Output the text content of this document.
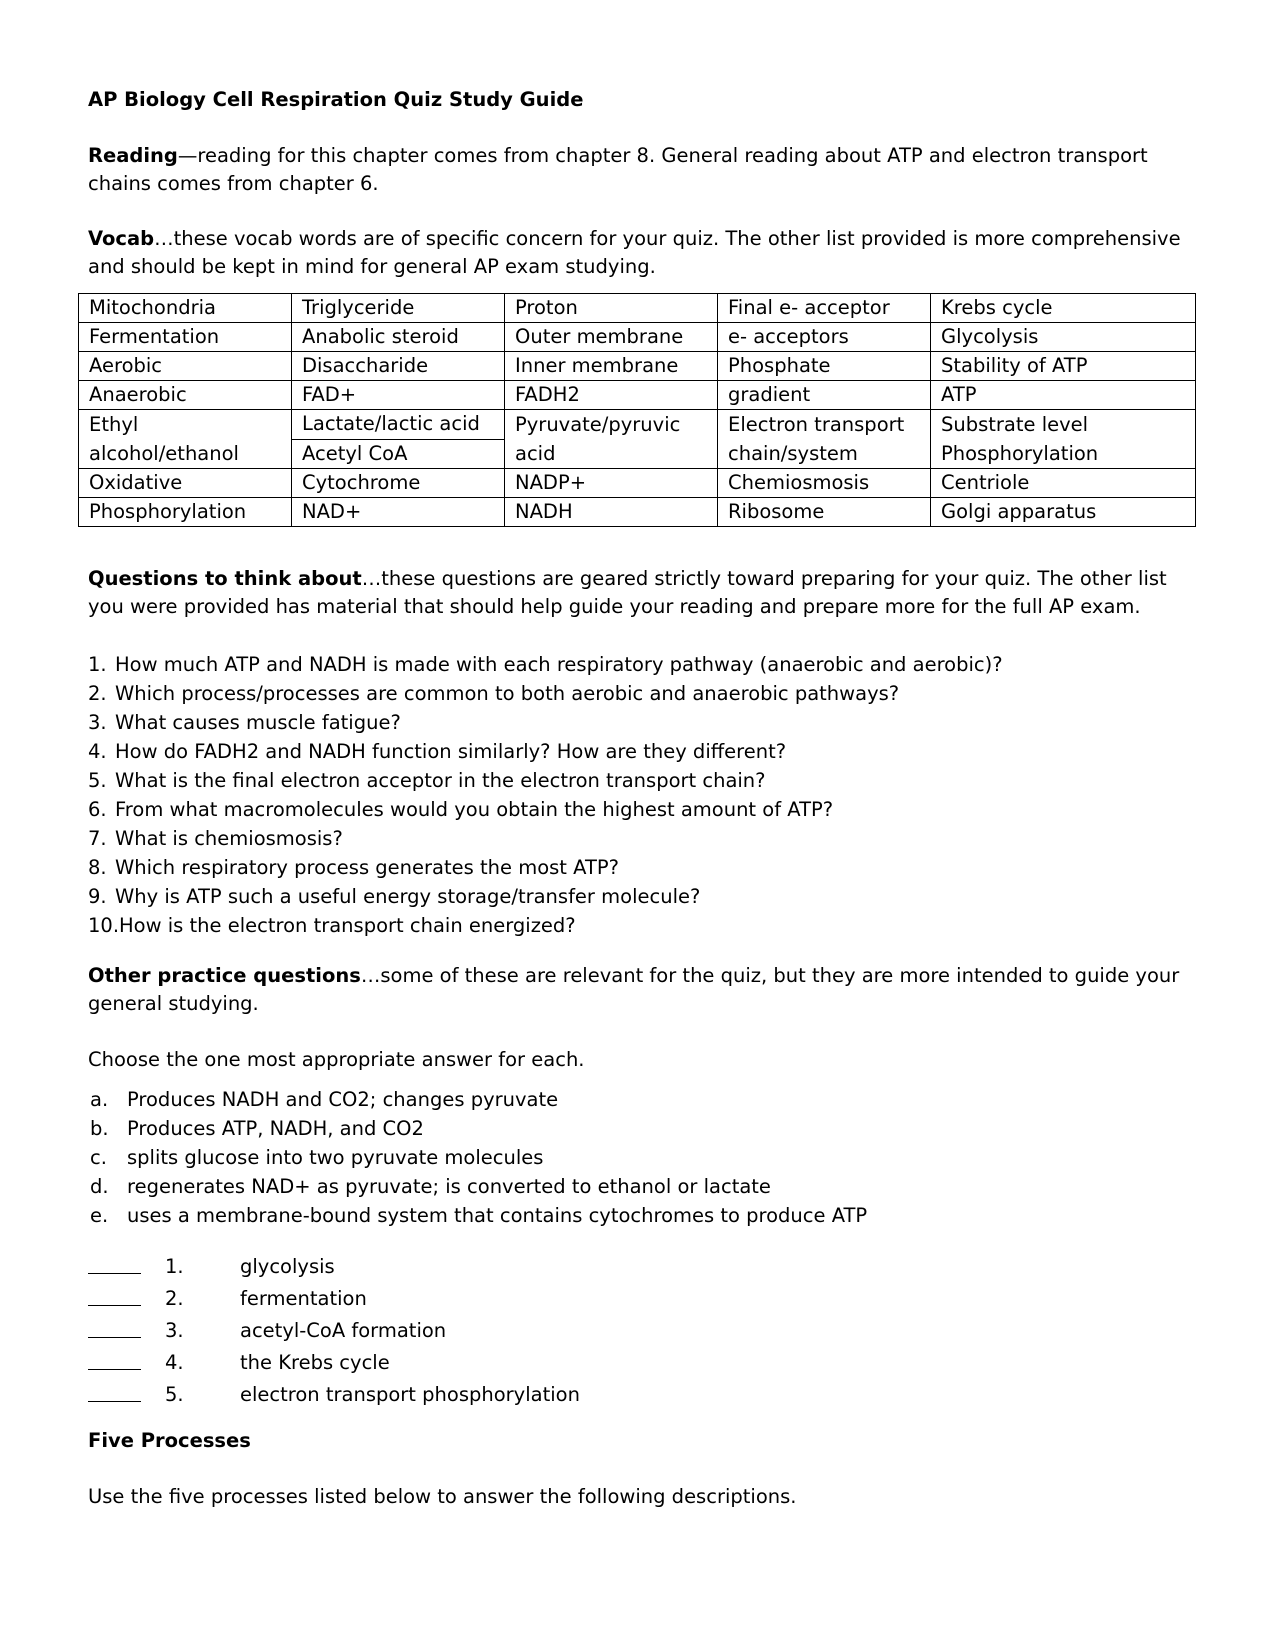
AP Biology Cell Respiration Quiz Study Guide
Reading—reading for this chapter comes from chapter 8. General reading about ATP and electron transport
chains comes from chapter 6.
Vocab…these vocab words are of specific concern for your quiz. The other list provided is more comprehensive
and should be kept in mind for general AP exam studying.
Mitochondria	Triglyceride	Proton	Final e- acceptor	Krebs cycle
Fermentation	Anabolic steroid	Outer membrane	e- acceptors	Glycolysis
Aerobic	Disaccharide	Inner membrane	Phosphate	Stability of ATP
Anaerobic	FAD+	FADH2	gradient	ATP
Ethyl alcohol/ethanol	Lactate/lactic acid	Pyruvate/pyruvic acid	Electron transport chain/system	Substrate level Phosphorylation
	Acetyl CoA			
Oxidative	Cytochrome	NADP+	Chemiosmosis	Centriole
Phosphorylation	NAD+	NADH	Ribosome	Golgi apparatus
Questions to think about…these questions are geared strictly toward preparing for your quiz. The other list
you were provided has material that should help guide your reading and prepare more for the full AP exam.
1. How much ATP and NADH is made with each respiratory pathway (anaerobic and aerobic)?
2. Which process/processes are common to both aerobic and anaerobic pathways?
3. What causes muscle fatigue?
4. How do FADH2 and NADH function similarly? How are they different?
5. What is the final electron acceptor in the electron transport chain?
6. From what macromolecules would you obtain the highest amount of ATP?
7. What is chemiosmosis?
8. Which respiratory process generates the most ATP?
9. Why is ATP such a useful energy storage/transfer molecule?
10.How is the electron transport chain energized?
Other practice questions…some of these are relevant for the quiz, but they are more intended to guide your
general studying.
Choose the one most appropriate answer for each.
a. Produces NADH and CO2; changes pyruvate
b. Produces ATP, NADH, and CO2
c. splits glucose into two pyruvate molecules
d. regenerates NAD+ as pyruvate; is converted to ethanol or lactate
e. uses a membrane-bound system that contains cytochromes to produce ATP
1.	glycolysis
2.	fermentation
3.	acetyl-CoA formation
4.	the Krebs cycle
5.	electron transport phosphorylation
Five Processes
Use the five processes listed below to answer the following descriptions.
